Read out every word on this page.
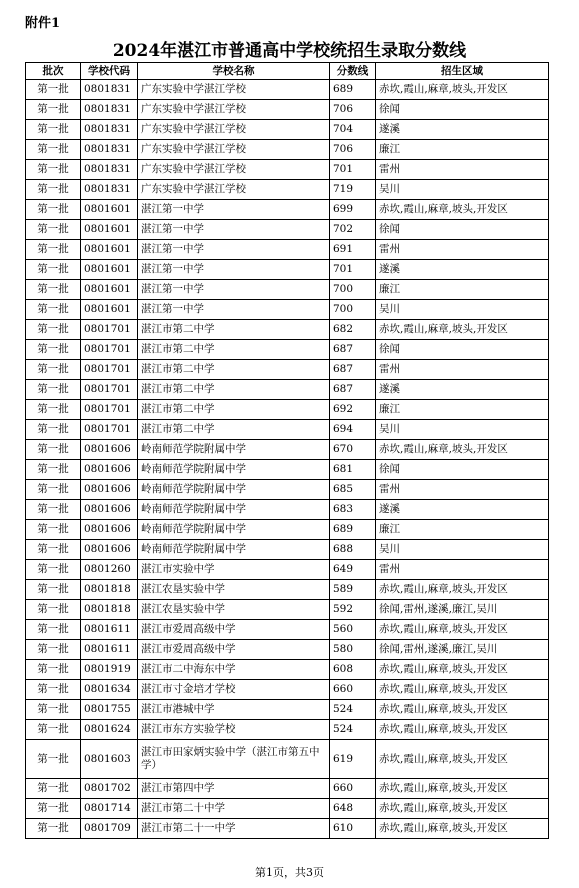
附件1
2024年湛江市普通高中学校统招生录取分数线
批次	学校代码	学校名称	分数线	招生区域
第一批	0801831	广东实验中学湛江学校	689	赤坎,霞山,麻章,坡头,开发区
第一批	0801831	广东实验中学湛江学校	706	徐闻
第一批	0801831	广东实验中学湛江学校	704	遂溪
第一批	0801831	广东实验中学湛江学校	706	廉江
第一批	0801831	广东实验中学湛江学校	701	雷州
第一批	0801831	广东实验中学湛江学校	719	吴川
第一批	0801601	湛江第一中学	699	赤坎,霞山,麻章,坡头,开发区
第一批	0801601	湛江第一中学	702	徐闻
第一批	0801601	湛江第一中学	691	雷州
第一批	0801601	湛江第一中学	701	遂溪
第一批	0801601	湛江第一中学	700	廉江
第一批	0801601	湛江第一中学	700	吴川
第一批	0801701	湛江市第二中学	682	赤坎,霞山,麻章,坡头,开发区
第一批	0801701	湛江市第二中学	687	徐闻
第一批	0801701	湛江市第二中学	687	雷州
第一批	0801701	湛江市第二中学	687	遂溪
第一批	0801701	湛江市第二中学	692	廉江
第一批	0801701	湛江市第二中学	694	吴川
第一批	0801606	岭南师范学院附属中学	670	赤坎,霞山,麻章,坡头,开发区
第一批	0801606	岭南师范学院附属中学	681	徐闻
第一批	0801606	岭南师范学院附属中学	685	雷州
第一批	0801606	岭南师范学院附属中学	683	遂溪
第一批	0801606	岭南师范学院附属中学	689	廉江
第一批	0801606	岭南师范学院附属中学	688	吴川
第一批	0801260	湛江市实验中学	649	雷州
第一批	0801818	湛江农垦实验中学	589	赤坎,霞山,麻章,坡头,开发区
第一批	0801818	湛江农垦实验中学	592	徐闻,雷州,遂溪,廉江,吴川
第一批	0801611	湛江市爱周高级中学	560	赤坎,霞山,麻章,坡头,开发区
第一批	0801611	湛江市爱周高级中学	580	徐闻,雷州,遂溪,廉江,吴川
第一批	0801919	湛江市二中海东中学	608	赤坎,霞山,麻章,坡头,开发区
第一批	0801634	湛江市寸金培才学校	660	赤坎,霞山,麻章,坡头,开发区
第一批	0801755	湛江市港城中学	524	赤坎,霞山,麻章,坡头,开发区
第一批	0801624	湛江市东方实验学校	524	赤坎,霞山,麻章,坡头,开发区
第一批	0801603	湛江市田家炳实验中学（湛江市第五中学）	619	赤坎,霞山,麻章,坡头,开发区
第一批	0801702	湛江市第四中学	660	赤坎,霞山,麻章,坡头,开发区
第一批	0801714	湛江市第二十中学	648	赤坎,霞山,麻章,坡头,开发区
第一批	0801709	湛江市第二十一中学	610	赤坎,霞山,麻章,坡头,开发区
第1页，共3页
